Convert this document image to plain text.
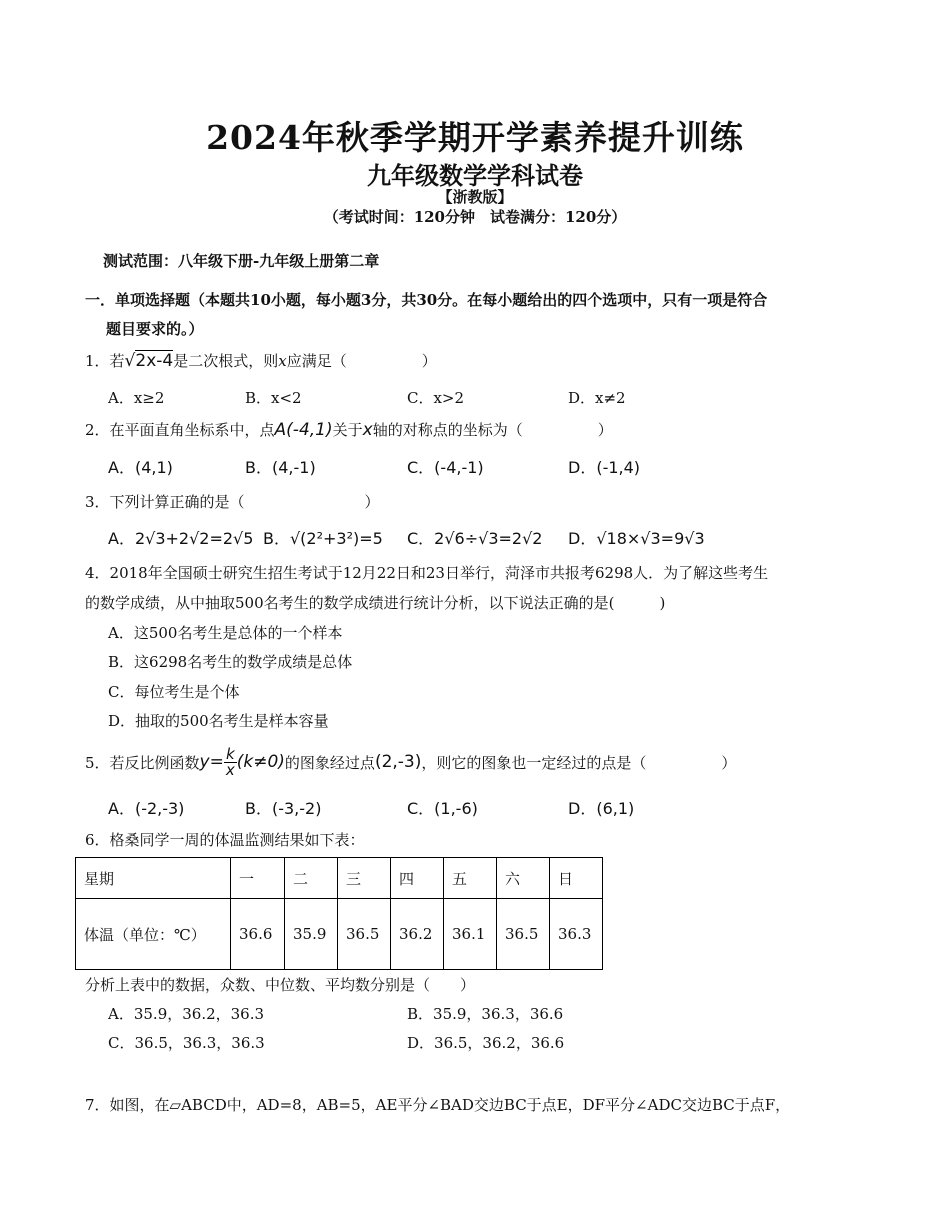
2024年秋季学期开学素养提升训练
九年级数学学科试卷
【浙教版】
（考试时间：120分钟　试卷满分：120分）
测试范围：八年级下册-九年级上册第二章
一．单项选择题（本题共10小题，每小题3分，共30分。在每小题给出的四个选项中，只有一项是符合
题目要求的。）
1．若√2x-4是二次根式，则x应满足（　　　　　）
A．x≥2	B．x<2	C．x>2	D．x≠2
2．在平面直角坐标系中，点A(-4,1)关于x轴的对称点的坐标为（　　　　　）
A．(4,1)	B．(4,-1)	C．(-4,-1)	D．(-1,4)
3．下列计算正确的是（　　　　　　　　）
A．2√3+2√2=2√5 B．√(2²+3²)=5 C．2√6÷√3=2√2 D．√18×√3=9√3
4．2018年全国硕士研究生招生考试于12月22日和23日举行，菏泽市共报考6298人．为了解这些考生
的数学成绩，从中抽取500名考生的数学成绩进行统计分析，以下说法正确的是(　　　)
A．这500名考生是总体的一个样本
B．这6298名考生的数学成绩是总体
C．每位考生是个体
D．抽取的500名考生是样本容量
5．若反比例函数 $y= \frac{k}{x} (k\ne 0)$ 的图象经过点 (2,-3) ，则它的图象也一定经过的点是（　　　　　）
A．(-2,-3)	B．(-3,-2)	C．(1,-6)	D．(6,1)
6．格桑同学一周的体温监测结果如下表：
星期	一	二	三	四	五	六	日
体温（单位：℃）	36.6	35.9	36.5	36.2	36.1	36.5	36.3
分析上表中的数据，众数、中位数、平均数分别是（　　）
A．35.9，36.2，36.3	B．35.9，36.3，36.6
C．36.5，36.3，36.3	D．36.5，36.2，36.6
7．如图，在▱ABCD中，AD=8，AB=5，AE平分∠BAD交边BC于点E，DF平分∠ADC交边BC于点F，
